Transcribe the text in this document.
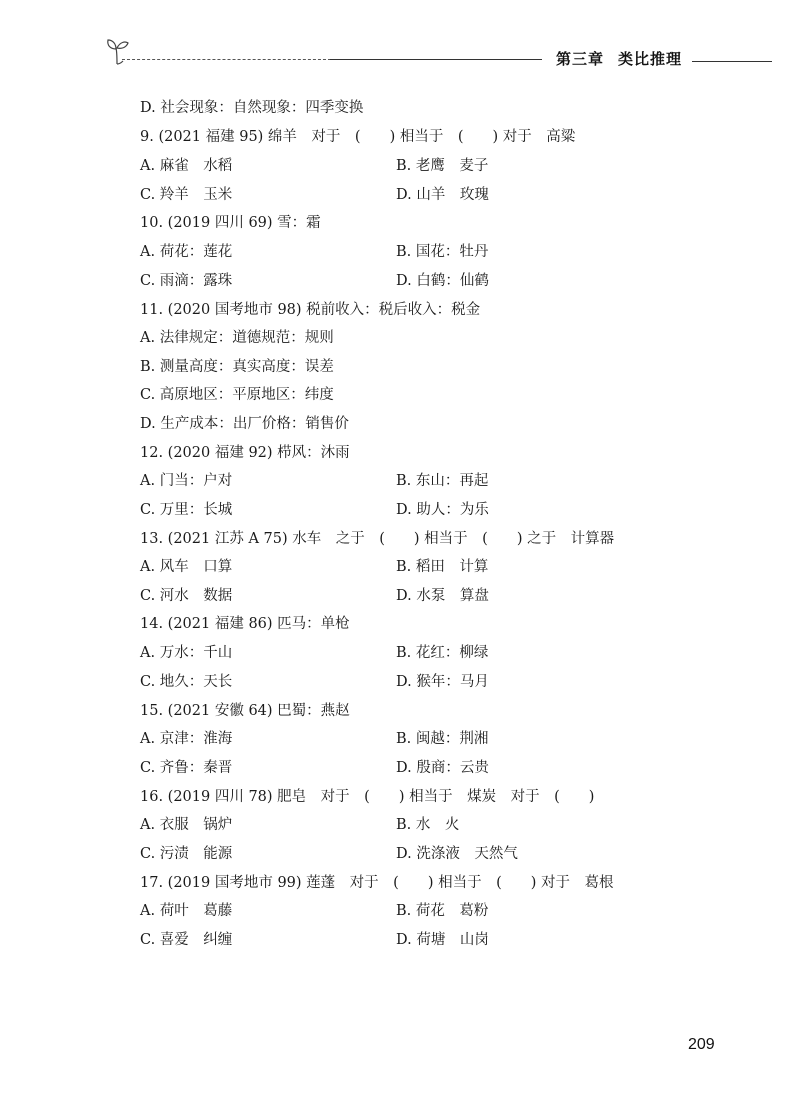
第三章 类比推理
D. 社会现象：自然现象：四季变换
9. (2021 福建 95) 绵羊　对于　(　　) 相当于　(　　) 对于　高粱
A. 麻雀　水稻	B. 老鹰　麦子
C. 羚羊　玉米	D. 山羊　玫瑰
10. (2019 四川 69) 雪：霜
A. 荷花：莲花	B. 国花：牡丹
C. 雨滴：露珠	D. 白鹤：仙鹤
11. (2020 国考地市 98) 税前收入：税后收入：税金
A. 法律规定：道德规范：规则
B. 测量高度：真实高度：误差
C. 高原地区：平原地区：纬度
D. 生产成本：出厂价格：销售价
12. (2020 福建 92) 栉风：沐雨
A. 门当：户对	B. 东山：再起
C. 万里：长城	D. 助人：为乐
13. (2021 江苏 A 75) 水车　之于　(　　) 相当于　(　　) 之于　计算器
A. 风车　口算	B. 稻田　计算
C. 河水　数据	D. 水泵　算盘
14. (2021 福建 86) 匹马：单枪
A. 万水：千山	B. 花红：柳绿
C. 地久：天长	D. 猴年：马月
15. (2021 安徽 64) 巴蜀：燕赵
A. 京津：淮海	B. 闽越：荆湘
C. 齐鲁：秦晋	D. 殷商：云贵
16. (2019 四川 78) 肥皂　对于　(　　) 相当于　煤炭　对于　(　　)
A. 衣服　锅炉	B. 水　火
C. 污渍　能源	D. 洗涤液　天然气
17. (2019 国考地市 99) 莲蓬　对于　(　　) 相当于　(　　) 对于　葛根
A. 荷叶　葛藤	B. 荷花　葛粉
C. 喜爱　纠缠	D. 荷塘　山岗
209
